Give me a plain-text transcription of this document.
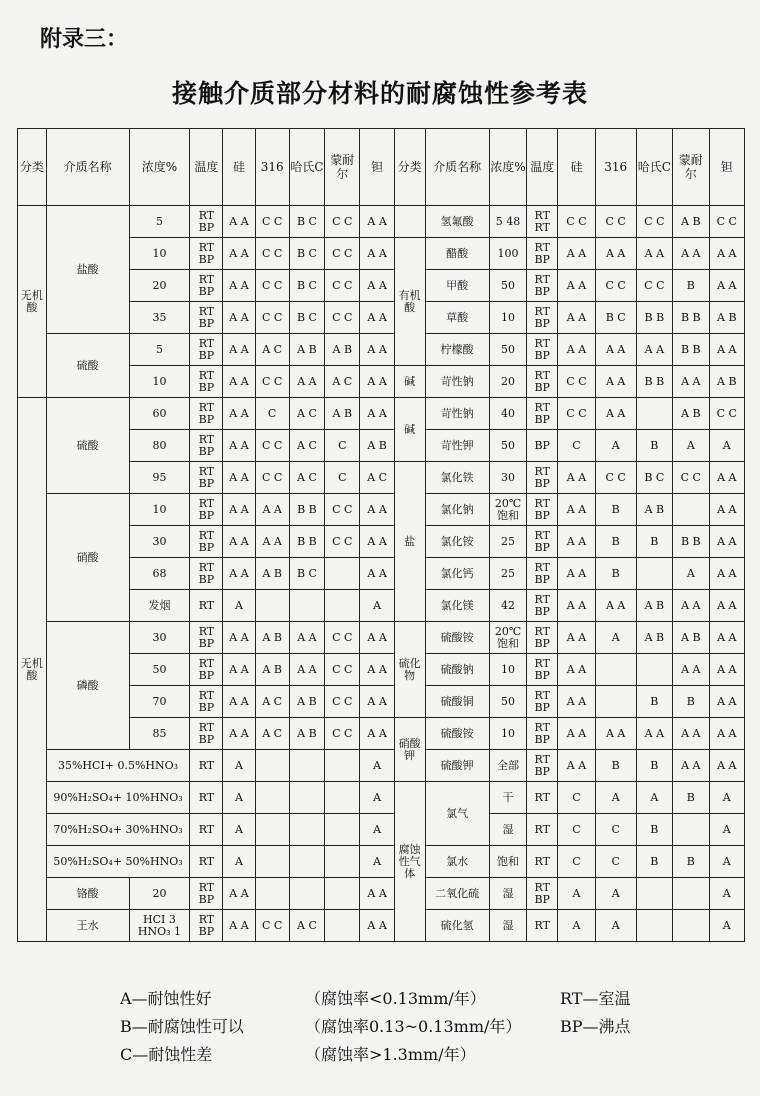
附录三：
接触介质部分材料的耐腐蚀性参考表
分类	介质名称	浓度%	温度	硅	316	哈氏C	蒙耐尔	钽	分类	介质名称	浓度%	温度	硅	316	哈氏C	蒙耐尔	钽
无机酸	盐酸	5	RT BP	A A	C C	B C	C C	A A		氢氟酸	5 48	RT RT	C C	C C	C C	A B	C C
		10	RT BP	A A	C C	B C	C C	A A	有机酸	醋酸	100	RT BP	A A	A A	A A	A A	A A
		20	RT BP	A A	C C	B C	C C	A A		甲酸	50	RT BP	A A	C C	C C	B	A A
		35	RT BP	A A	C C	B C	C C	A A		草酸	10	RT BP	A A	B C	B B	B B	A B
	硫酸	5	RT BP	A A	A C	A B	A B	A A		柠檬酸	50	RT BP	A A	A A	A A	B B	A A
		10	RT BP	A A	C C	A A	A C	A A	碱	苛性钠	20	RT BP	C C	A A	B B	A A	A B
无机酸	硫酸	60	RT BP	A A	C	A C	A B	A A	碱	苛性钠	40	RT BP	C C	A A		A B	C C
		80	RT BP	A A	C C	A C	C	A B		苛性钾	50	BP	C	A	B	A	A
		95	RT BP	A A	C C	A C	C	A C	盐	氯化铁	30	RT BP	A A	C C	B C	C C	A A
	硝酸	10	RT BP	A A	A A	B B	C C	A A		氯化钠	20℃ 饱和	RT BP	A A	B	A B		A A
		30	RT BP	A A	A A	B B	C C	A A		氯化铵	25	RT BP	A A	B	B	B B	A A
		68	RT BP	A A	A B	B C		A A		氯化钙	25	RT BP	A A	B		A	A A
		发烟	RT	A				A		氯化镁	42	RT BP	A A	A A	A B	A A	A A
	磷酸	30	RT BP	A A	A B	A A	C C	A A	硫化物	硫酸铵	20℃ 饱和	RT BP	A A	A	A B	A B	A A
		50	RT BP	A A	A B	A A	C C	A A		硫酸钠	10	RT BP	A A			A A	A A
		70	RT BP	A A	A C	A B	C C	A A		硫酸铜	50	RT BP	A A		B	B	A A
		85	RT BP	A A	A C	A B	C C	A A	硝酸钾	硫酸铵	10	RT BP	A A	A A	A A	A A	A A
	35%HCI+ 0.5%HNO₃		RT	A				A		硫酸钾	全部	RT BP	A A	B	B	A A	A A
	90%H₂SO₄+ 10%HNO₃		RT	A				A	腐蚀性气体	氯气	干	RT	C	A	A	B	A
	70%H₂SO₄+ 30%HNO₃		RT	A				A			湿	RT	C	C	B		A
	50%H₂SO₄+ 50%HNO₃		RT	A				A		氯水	饱和	RT	C	C	B	B	A
	铬酸	20	RT BP	A A				A A		二氧化硫	湿	RT BP	A	A			A
	王水	HCI 3 HNO₃ 1	RT BP	A A	C C	A C		A A		硫化氢	湿	RT	A	A			A
A—耐蚀性好	（腐蚀率<0.13mm/年）	RT—室温
B—耐腐蚀性可以	（腐蚀率0.13~0.13mm/年） BP—沸点
C—耐蚀性差	（腐蚀率>1.3mm/年）
